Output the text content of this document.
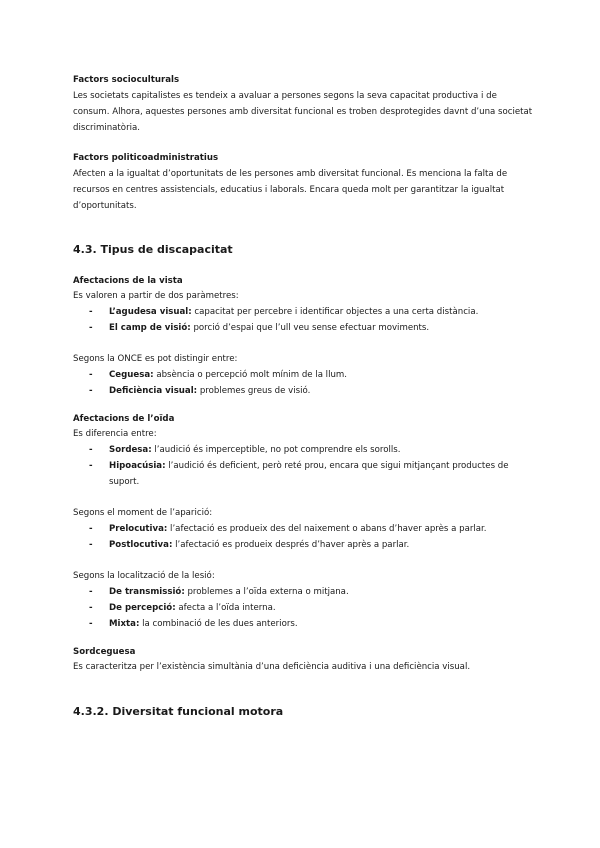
Factors socioculturals

Les societats capitalistes es tendeix a avaluar a persones segons la seva capacitat productiva i de consum. Alhora, aquestes persones amb diversitat funcional es troben desprotegides davnt d’una societat discriminatòria.

Factors politicoadministratius

Afecten a la igualtat d’oportunitats de les persones amb diversitat funcional. Es menciona la falta de recursos en centres assistencials, educatius i laborals. Encara queda molt per garantitzar la igualtat d’oportunitats.

4.3. Tipus de discapacitat

Afectacions de la vista

Es valoren a partir de dos paràmetres:

- L’agudesa visual: capacitat per percebre i identificar objectes a una certa distància.
- El camp de visió: porció d’espai que l’ull veu sense efectuar moviments.

Segons la ONCE es pot distingir entre:

- Ceguesa: absència o percepció molt mínim de la llum.
- Deficiència visual: problemes greus de visió.

Afectacions de l’oïda

Es diferencia entre:

- Sordesa: l’audició és imperceptible, no pot comprendre els sorolls.
- Hipoacúsia: l’audició és deficient, però reté prou, encara que sigui mitjançant productes de suport.

Segons el moment de l’aparició:

- Prelocutiva: l’afectació es produeix des del naixement o abans d’haver après a parlar.
- Postlocutiva: l’afectació es produeix després d’haver après a parlar.

Segons la localització de la lesió:

- De transmissió: problemes a l’oïda externa o mitjana.
- De percepció: afecta a l’oïda interna.
- Mixta: la combinació de les dues anteriors.

Sordceguesa

Es caracteritza per l’existència simultània d’una deficiència auditiva i una deficiència visual.

4.3.2. Diversitat funcional motora
